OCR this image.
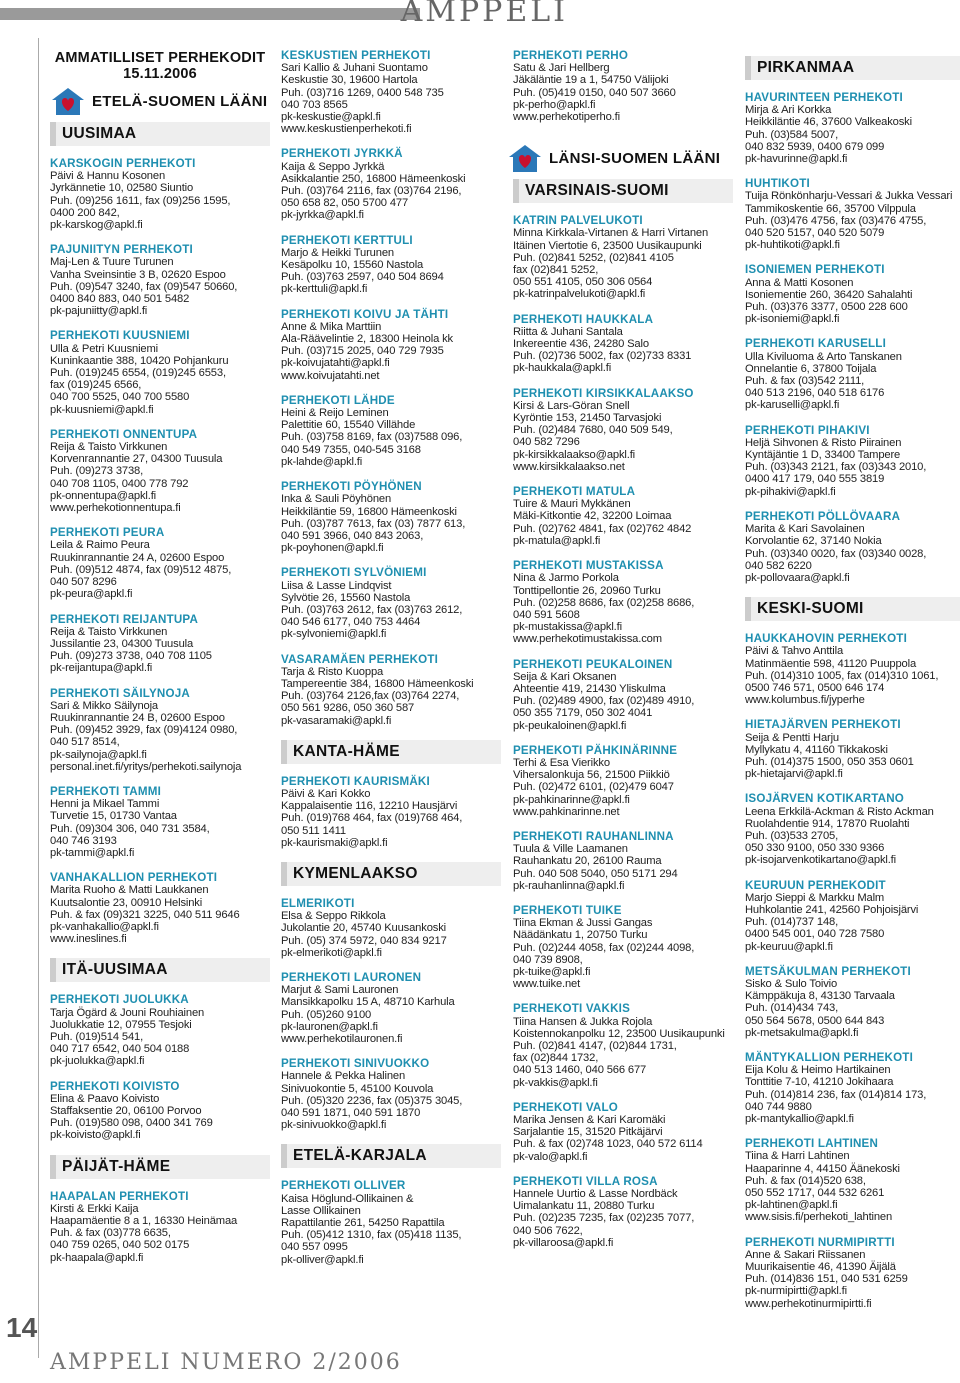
AMPPELI
AMMATILLISET PERHEKODIT
15.11.2006
ETELÄ-SUOMEN LÄÄNI
UUSIMAA
KARSKOGIN PERHEKOTI
Päivi & Hannu Kosonen
Jyrkännetie 10, 02580 Siuntio
Puh. (09)256 1611, fax (09)256 1595,
0400 200 842,
pk-karskog@apkl.fi
PAJUNIITYN PERHEKOTI
Maj-Len & Tuure Turunen
Vanha Sveinsintie 3 B, 02620 Espoo
Puh. (09)547 3240, fax (09)547 50660,
0400 840 883, 040 501 5482
pk-pajuniitty@apkl.fi
PERHEKOTI KUUSNIEMI
Ulla & Petri Kuusniemi
Kuninkaantie 388, 10420 Pohjankuru
Puh. (019)245 6554, (019)245 6553,
fax (019)245 6566,
040 700 5525, 040 700 5580
pk-kuusniemi@apkl.fi
PERHEKOTI ONNENTUPA
Reija & Taisto Virkkunen
Korvenrannantie 27, 04300 Tuusula
Puh. (09)273 3738,
040 708 1105, 0400 778 792
pk-onnentupa@apkl.fi
www.perhekotionnentupa.fi
PERHEKOTI PEURA
Leila & Raimo Peura
Ruukinrannantie 24 A, 02600 Espoo
Puh. (09)512 4874, fax (09)512 4875,
040 507 8296
pk-peura@apkl.fi
PERHEKOTI REIJANTUPA
Reija & Taisto Virkkunen
Jussilantie 23, 04300 Tuusula
Puh. (09)273 3738, 040 708 1105
pk-reijantupa@apkl.fi
PERHEKOTI SÄILYNOJA
Sari & Mikko Säilynoja
Ruukinrannantie 24 B, 02600 Espoo
Puh. (09)452 3929, fax (09)4124 0980,
040 517 8514,
pk-sailynoja@apkl.fi
personal.inet.fi/yritys/perhekoti.sailynoja
PERHEKOTI TAMMI
Henni ja Mikael Tammi
Turvetie 15, 01730 Vantaa
Puh. (09)304 306, 040 731 3584,
040 746 3193
pk-tammi@apkl.fi
VANHAKALLION PERHEKOTI
Marita Ruoho & Matti Laukkanen
Kuutsalontie 23, 00910 Helsinki
Puh. & fax (09)321 3225, 040 511 9646
pk-vanhakallio@apkl.fi
www.ineslines.fi
ITÄ-UUSIMAA
PERHEKOTI JUOLUKKA
Tarja Ögärd & Jouni Rouhiainen
Juolukkatie 12, 07955 Tesjoki
Puh. (019)514 541,
040 717 6542, 040 504 0188
pk-juolukka@apkl.fi
PERHEKOTI KOIVISTO
Elina & Paavo Koivisto
Staffaksentie 20, 06100 Porvoo
Puh. (019)580 098, 0400 341 769
pk-koivisto@apkl.fi
PÄIJÄT-HÄME
HAAPALAN PERHEKOTI
Kirsti & Erkki Kaija
Haapamäentie 8 a 1, 16330 Heinämaa
Puh. & fax (03)778 6635,
040 759 0265, 040 502 0175
pk-haapala@apkl.fi
KESKUSTIEN PERHEKOTI
Sari Kallio & Juhani Suontamo
Keskustie 30, 19600 Hartola
Puh. (03)716 1269, 0400 548 735
040 703 8565
pk-keskustie@apkl.fi
www.keskustienperhekoti.fi
PERHEKOTI JYRKKÄ
Kaija & Seppo Jyrkkä
Asikkalantie 250, 16800 Hämeenkoski
Puh. (03)764 2116, fax (03)764 2196,
050 658 82, 050 5700 477
pk-jyrkka@apkl.fi
PERHEKOTI KERTTULI
Marjo & Heikki Turunen
Kesäpolku 10, 15560 Nastola
Puh. (03)763 2597, 040 504 8694
pk-kerttuli@apkl.fi
PERHEKOTI KOIVU JA TÄHTI
Anne & Mika Marttiin
Ala-Räävelintie 2, 18300 Heinola kk
Puh. (03)715 2025, 040 729 7935
pk-koivujatahti@apkl.fi
www.koivujatahti.net
PERHEKOTI LÄHDE
Heini & Reijo Leminen
Palettitie 60, 15540 Villähde
Puh. (03)758 8169, fax (03)7588 096,
040 549 7355, 040-545 3168
pk-lahde@apkl.fi
PERHEKOTI PÖYHÖNEN
Inka & Sauli Pöyhönen
Heikkiläntie 59, 16800 Hämeenkoski
Puh. (03)787 7613, fax (03) 7877 613,
040 591 3966, 040 843 2063,
pk-poyhonen@apkl.fi
PERHEKOTI SYLVÖNIEMI
Liisa & Lasse Lindqvist
Sylvötie 26, 15560 Nastola
Puh. (03)763 2612, fax (03)763 2612,
040 546 6177, 040 753 4464
pk-sylvoniemi@apkl.fi
VASARAMÄEN PERHEKOTI
Tarja & Risto Kuoppa
Tampereentie 384, 16800 Hämeenkoski
Puh. (03)764 2126,fax (03)764 2274,
050 561 9286, 050 360 587
pk-vasaramaki@apkl.fi
KANTA-HÄME
PERHEKOTI KAURISMÄKI
Päivi & Kari Kokko
Kappalaisentie 116, 12210 Hausjärvi
Puh. (019)768 464, fax (019)768 464,
050 511 1411
pk-kaurismaki@apkl.fi
KYMENLAAKSO
ELMERIKOTI
Elsa & Seppo Rikkola
Jukolantie 20, 45740 Kuusankoski
Puh. (05) 374 5972, 040 834 9217
pk-elmerikoti@apkl.fi
PERHEKOTI LAURONEN
Marjut & Sami Lauronen
Mansikkapolku 15 A, 48710 Karhula
Puh. (05)260 9100
pk-lauronen@apkl.fi
www.perhekotilauronen.fi
PERHEKOTI SINIVUOKKO
Hannele & Pekka Halinen
Sinivuokontie 5, 45100 Kouvola
Puh. (05)320 2236, fax (05)375 3045,
040 591 1871, 040 591 1870
pk-sinivuokko@apkl.fi
ETELÄ-KARJALA
PERHEKOTI OLLIVER
Kaisa Höglund-Ollikainen &
Lasse Ollikainen
Rapattilantie 261, 54250 Rapattila
Puh. (05)412 1310, fax (05)418 1135,
040 557 0995
pk-olliver@apkl.fi
PERHEKOTI PERHO
Satu & Jari Hellberg
Jäkäläntie 19 a 1, 54750 Välijoki
Puh. (05)419 0150, 040 507 3660
pk-perho@apkl.fi
www.perhekotiperho.fi
LÄNSI-SUOMEN LÄÄNI
VARSINAIS-SUOMI
KATRIN PALVELUKOTI
Minna Kirkkala-Virtanen & Harri Virtanen
Itäinen Viertotie 6, 23500 Uusikaupunki
Puh. (02)841 5252, (02)841 4105
fax (02)841 5252,
050 551 4105, 050 306 0564
pk-katrinpalvelukoti@apkl.fi
PERHEKOTI HAUKKALA
Riitta & Juhani Santala
Inkereentie 436, 24280 Salo
Puh. (02)736 5002, fax (02)733 8331
pk-haukkala@apkl.fi
PERHEKOTI KIRSIKKALAAKSO
Kirsi & Lars-Göran Snell
Kyröntie 153, 21450 Tarvasjoki
Puh. (02)484 7680, 040 509 549,
040 582 7296
pk-kirsikkalaakso@apkl.fi
www.kirsikkalaakso.net
PERHEKOTI MATULA
Tuire & Mauri Mykkänen
Mäki-Kitkontie 42, 32200 Loimaa
Puh. (02)762 4841, fax (02)762 4842
pk-matula@apkl.fi
PERHEKOTI MUSTAKISSA
Nina & Jarmo Porkola
Tonttipellontie 26, 20960 Turku
Puh. (02)258 8686, fax (02)258 8686,
040 591 5608
pk-mustakissa@apkl.fi
www.perhekotimustakissa.com
PERHEKOTI PEUKALOINEN
Seija & Kari Oksanen
Ahteentie 419, 21430 Yliskulma
Puh. (02)489 4900, fax (02)489 4910,
050 355 7179, 050 302 4041
pk-peukaloinen@apkl.fi
PERHEKOTI PÄHKINÄRINNE
Terhi & Esa Vierikko
Vihersalonkuja 56, 21500 Piikkiö
Puh. (02)472 6101, (02)479 6047
pk-pahkinarinne@apkl.fi
www.pahkinarinne.net
PERHEKOTI RAUHANLINNA
Tuula & Ville Laamanen
Rauhankatu 20, 26100 Rauma
Puh. 040 508 5040, 050 5171 294
pk-rauhanlinna@apkl.fi
PERHEKOTI TUIKE
Tiina Ekman & Jussi Gangas
Näädänkatu 1, 20750 Turku
Puh. (02)244 4058, fax (02)244 4098,
040 739 8908,
pk-tuike@apkl.fi
www.tuike.net
PERHEKOTI VAKKIS
Tiina Hansen & Jukka Rojola
Koistennokanpolku 12, 23500 Uusikaupunki
Puh. (02)841 4147, (02)844 1731,
fax (02)844 1732,
040 513 1460, 040 566 677
pk-vakkis@apkl.fi
PERHEKOTI VALO
Marika Jensen & Kari Karomäki
Sarjalantie 15, 31520 Pitkäjärvi
Puh. & fax (02)748 1023, 040 572 6114
pk-valo@apkl.fi
PERHEKOTI VILLA ROSA
Hannele Uurtio & Lasse Nordbäck
Uimalankatu 11, 20880 Turku
Puh. (02)235 7235, fax (02)235 7077,
040 506 7622,
pk-villaroosa@apkl.fi
PIRKANMAA
HAVURINTEEN PERHEKOTI
Mirja & Ari Korkka
Heikkiläntie 46, 37600 Valkeakoski
Puh. (03)584 5007,
040 832 5939, 0400 679 099
pk-havurinne@apkl.fi
HUHTIKOTI
Tuija Rönkönharju-Vessari & Jukka Vessari
Tammikoskentie 66, 35700 Vilppula
Puh. (03)476 4756, fax (03)476 4755,
040 520 5157, 040 520 5079
pk-huhtikoti@apkl.fi
ISONIEMEN PERHEKOTI
Anna & Matti Kosonen
Isoniementie 260, 36420 Sahalahti
Puh. (03)376 3377, 0500 228 600
pk-isoniemi@apkl.fi
PERHEKOTI KARUSELLI
Ulla Kiviluoma & Arto Tanskanen
Onnelantie 6, 37800 Toijala
Puh. & fax (03)542 2111,
040 513 2196, 040 518 6176
pk-karuselli@apkl.fi
PERHEKOTI PIHAKIVI
Heljä Sihvonen & Risto Piirainen
Kyntäjäntie 1 D, 33400 Tampere
Puh. (03)343 2121, fax (03)343 2010,
0400 417 179, 040 555 3819
pk-pihakivi@apkl.fi
PERHEKOTI PÖLLÖVAARA
Marita & Kari Savolainen
Korvolantie 62, 37140 Nokia
Puh. (03)340 0020, fax (03)340 0028,
040 582 6220
pk-pollovaara@apkl.fi
KESKI-SUOMI
HAUKKAHOVIN PERHEKOTI
Päivi & Tahvo Anttila
Matinmäentie 598, 41120 Puuppola
Puh. (014)310 1005, fax (014)310 1061,
0500 746 571, 0500 646 174
www.kolumbus.fi/jyperhe
HIETAJÄRVEN PERHEKOTI
Seija & Pentti Harju
Myllykatu 4, 41160 Tikkakoski
Puh. (014)375 1500, 050 353 0601
pk-hietajarvi@apkl.fi
ISOJÄRVEN KOTIKARTANO
Leena Erkkilä-Ackman & Risto Ackman
Ruolahdentie 914, 17870 Ruolahti
Puh. (03)533 2705,
050 330 9100, 050 330 9366
pk-isojarvenkotikartano@apkl.fi
KEURUUN PERHEKODIT
Marjo Sieppi & Markku Malm
Huhkolantie 241, 42560 Pohjoisjärvi
Puh. (014)737 148,
0400 545 001, 040 728 7580
pk-keuruu@apkl.fi
METSÄKULMAN PERHEKOTI
Sisko & Sulo Toivio
Kämppäkuja 8, 43130 Tarvaala
Puh. (014)434 743,
050 564 5678, 0500 644 843
pk-metsakulma@apkl.fi
MÄNTYKALLION PERHEKOTI
Eija Kolu & Heimo Hartikainen
Tonttitie 7-10, 41210 Jokihaara
Puh. (014)814 236, fax (014)814 173,
040 744 9880
pk-mantykallio@apkl.fi
PERHEKOTI LAHTINEN
Tiina & Harri Lahtinen
Haaparinne 4, 44150 Äänekoski
Puh. & fax (014)520 638,
050 552 1717, 044 532 6261
pk-lahtinen@apkl.fi
www.sisis.fi/perhekoti_lahtinen
PERHEKOTI NURMIPIRTTI
Anne & Sakari Riissanen
Muurikaisentie 46, 41390 Äijälä
Puh. (014)836 151, 040 531 6259
pk-nurmipirtti@apkl.fi
www.perhekotinurmipirtti.fi
14
AMPPELI NUMERO 2/2006
